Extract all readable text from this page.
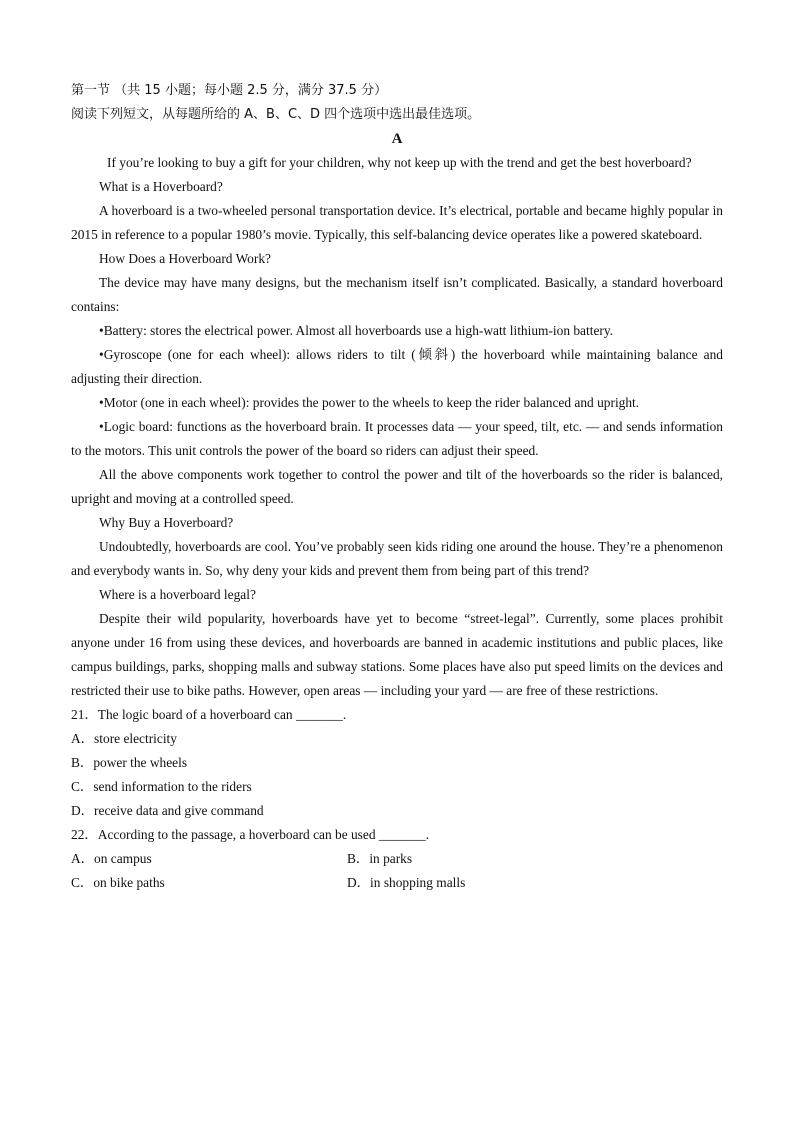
第一节 （共 15 小题；每小题 2.5 分，满分 37.5 分）
阅读下列短文，从每题所给的 A、B、C、D 四个选项中选出最佳选项。
A
If you’re looking to buy a gift for your children, why not keep up with the trend and get the best hoverboard?
What is a Hoverboard?
A hoverboard is a two-wheeled personal transportation device. It’s electrical, portable and became highly popular in 2015 in reference to a popular 1980’s movie. Typically, this self-balancing device operates like a powered skateboard.
How Does a Hoverboard Work?
The device may have many designs, but the mechanism itself isn’t complicated. Basically, a standard hoverboard contains:
•Battery: stores the electrical power. Almost all hoverboards use a high-watt lithium-ion battery.
•Gyroscope (one for each wheel): allows riders to tilt (倾斜) the hoverboard while maintaining balance and adjusting their direction.
•Motor (one in each wheel): provides the power to the wheels to keep the rider balanced and upright.
•Logic board: functions as the hoverboard brain. It processes data — your speed, tilt, etc. — and sends information to the motors. This unit controls the power of the board so riders can adjust their speed.
All the above components work together to control the power and tilt of the hoverboards so the rider is balanced, upright and moving at a controlled speed.
Why Buy a Hoverboard?
Undoubtedly, hoverboards are cool. You’ve probably seen kids riding one around the house. They’re a phenomenon and everybody wants in. So, why deny your kids and prevent them from being part of this trend?
Where is a hoverboard legal?
Despite their wild popularity, hoverboards have yet to become “street-legal”. Currently, some places prohibit anyone under 16 from using these devices, and hoverboards are banned in academic institutions and public places, like campus buildings, parks, shopping malls and subway stations. Some places have also put speed limits on the devices and restricted their use to bike paths. However, open areas — including your yard — are free of these restrictions.
21．The logic board of a hoverboard can _______.
A．store electricity
B．power the wheels
C．send information to the riders
D．receive data and give command
22．According to the passage, a hoverboard can be used _______.
A．on campus	B．in parks
C．on bike paths	D．in shopping malls
